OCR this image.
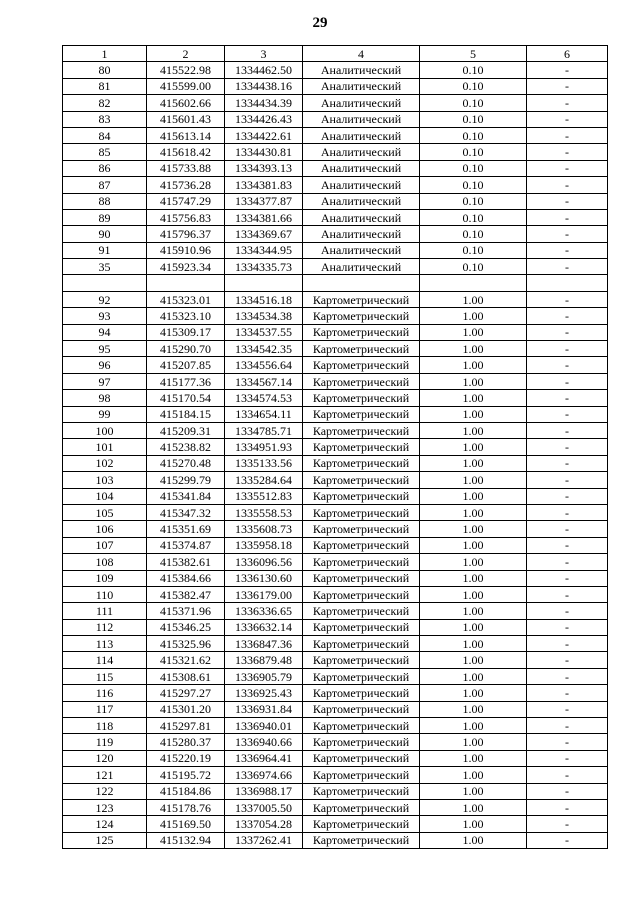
29
1	2	3	4	5	6
80	415522.98	1334462.50	Аналитический	0.10	-
81	415599.00	1334438.16	Аналитический	0.10	-
82	415602.66	1334434.39	Аналитический	0.10	-
83	415601.43	1334426.43	Аналитический	0.10	-
84	415613.14	1334422.61	Аналитический	0.10	-
85	415618.42	1334430.81	Аналитический	0.10	-
86	415733.88	1334393.13	Аналитический	0.10	-
87	415736.28	1334381.83	Аналитический	0.10	-
88	415747.29	1334377.87	Аналитический	0.10	-
89	415756.83	1334381.66	Аналитический	0.10	-
90	415796.37	1334369.67	Аналитический	0.10	-
91	415910.96	1334344.95	Аналитический	0.10	-
35	415923.34	1334335.73	Аналитический	0.10	-

92	415323.01	1334516.18	Картометрический	1.00	-
93	415323.10	1334534.38	Картометрический	1.00	-
94	415309.17	1334537.55	Картометрический	1.00	-
95	415290.70	1334542.35	Картометрический	1.00	-
96	415207.85	1334556.64	Картометрический	1.00	-
97	415177.36	1334567.14	Картометрический	1.00	-
98	415170.54	1334574.53	Картометрический	1.00	-
99	415184.15	1334654.11	Картометрический	1.00	-
100	415209.31	1334785.71	Картометрический	1.00	-
101	415238.82	1334951.93	Картометрический	1.00	-
102	415270.48	1335133.56	Картометрический	1.00	-
103	415299.79	1335284.64	Картометрический	1.00	-
104	415341.84	1335512.83	Картометрический	1.00	-
105	415347.32	1335558.53	Картометрический	1.00	-
106	415351.69	1335608.73	Картометрический	1.00	-
107	415374.87	1335958.18	Картометрический	1.00	-
108	415382.61	1336096.56	Картометрический	1.00	-
109	415384.66	1336130.60	Картометрический	1.00	-
110	415382.47	1336179.00	Картометрический	1.00	-
111	415371.96	1336336.65	Картометрический	1.00	-
112	415346.25	1336632.14	Картометрический	1.00	-
113	415325.96	1336847.36	Картометрический	1.00	-
114	415321.62	1336879.48	Картометрический	1.00	-
115	415308.61	1336905.79	Картометрический	1.00	-
116	415297.27	1336925.43	Картометрический	1.00	-
117	415301.20	1336931.84	Картометрический	1.00	-
118	415297.81	1336940.01	Картометрический	1.00	-
119	415280.37	1336940.66	Картометрический	1.00	-
120	415220.19	1336964.41	Картометрический	1.00	-
121	415195.72	1336974.66	Картометрический	1.00	-
122	415184.86	1336988.17	Картометрический	1.00	-
123	415178.76	1337005.50	Картометрический	1.00	-
124	415169.50	1337054.28	Картометрический	1.00	-
125	415132.94	1337262.41	Картометрический	1.00	-
